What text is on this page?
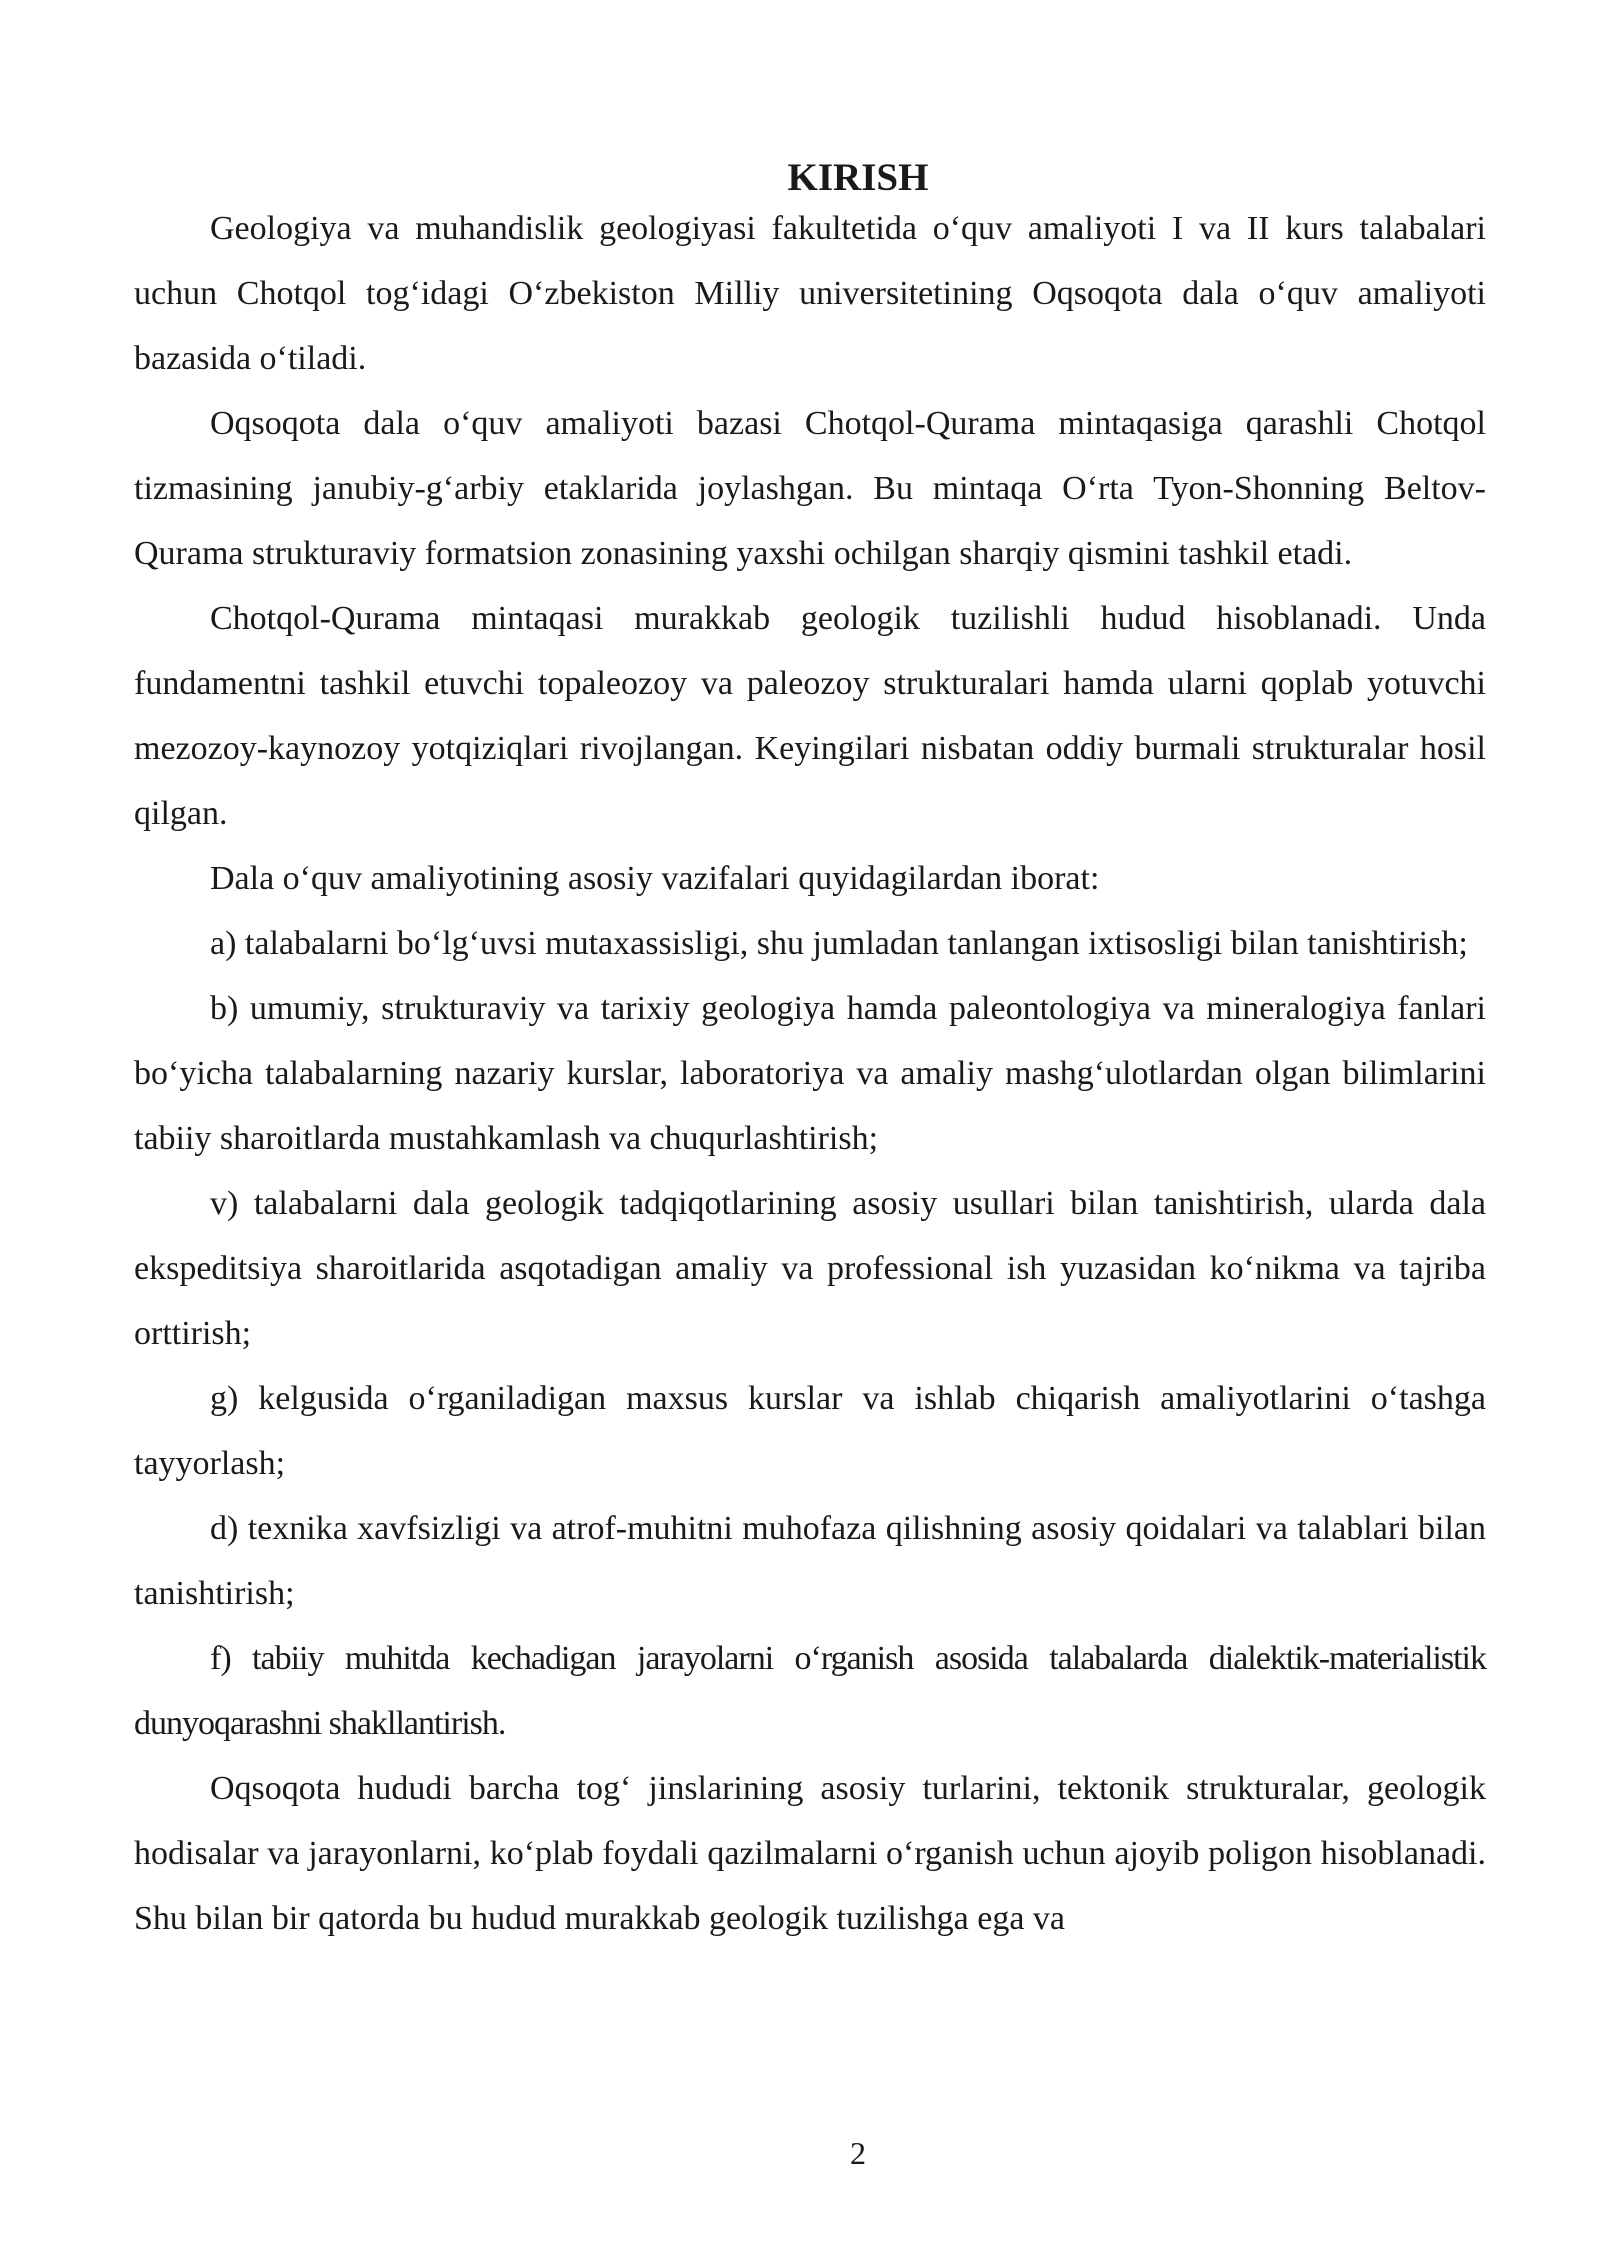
KIRISH

Geologiya va muhandislik geologiyasi fakultetida o‘quv amaliyoti I va II kurs talabalari uchun Chotqol tog‘idagi O‘zbekiston Milliy universitetining Oqsoqota dala o‘quv amaliyoti bazasida o‘tiladi.

Oqsoqota dala o‘quv amaliyoti bazasi Chotqol-Qurama mintaqasiga qarashli Chotqol tizmasining janubiy-g‘arbiy etaklarida joylashgan. Bu mintaqa O‘rta Tyon-Shonning Beltov-Qurama strukturaviy formatsion zonasining yaxshi ochilgan sharqiy qismini tashkil etadi.

Chotqol-Qurama mintaqasi murakkab geologik tuzilishli hudud hisoblanadi. Unda fundamentni tashkil etuvchi topaleozoy va paleozoy strukturalari hamda ularni qoplab yotuvchi mezozoy-kaynozoy yotqiziqlari rivojlangan. Keyingilari nisbatan oddiy burmali strukturalar hosil qilgan.

Dala o‘quv amaliyotining asosiy vazifalari quyidagilardan iborat:

a) talabalarni bo‘lg‘uvsi mutaxassisligi, shu jumladan tanlangan ixtisosligi bilan tanishtirish;

b) umumiy, strukturaviy va tarixiy geologiya hamda paleontologiya va mineralogiya fanlari bo‘yicha talabalarning nazariy kurslar, laboratoriya va amaliy mashg‘ulotlardan olgan bilimlarini tabiiy sharoitlarda mustahkamlash va chuqurlashtirish;

v) talabalarni dala geologik tadqiqotlarining asosiy usullari bilan tanishtirish, ularda dala ekspeditsiya sharoitlarida asqotadigan amaliy va professional ish yuzasidan ko‘nikma va tajriba orttirish;

g) kelgusida o‘rganiladigan maxsus kurslar va ishlab chiqarish amaliyotlarini o‘tashga tayyorlash;

d) texnika xavfsizligi va atrof-muhitni muhofaza qilishning asosiy qoidalari va talablari bilan tanishtirish;

f) tabiiy muhitda kechadigan jarayolarni o‘rganish asosida talabalarda dialektik-materialistik dunyoqarashni shakllantirish.

Oqsoqota hududi barcha tog‘ jinslarining asosiy turlarini, tektonik strukturalar, geologik hodisalar va jarayonlarni, ko‘plab foydali qazilmalarni o‘rganish uchun ajoyib poligon hisoblanadi. Shu bilan bir qatorda bu hudud murakkab geologik tuzilishga ega va

2
